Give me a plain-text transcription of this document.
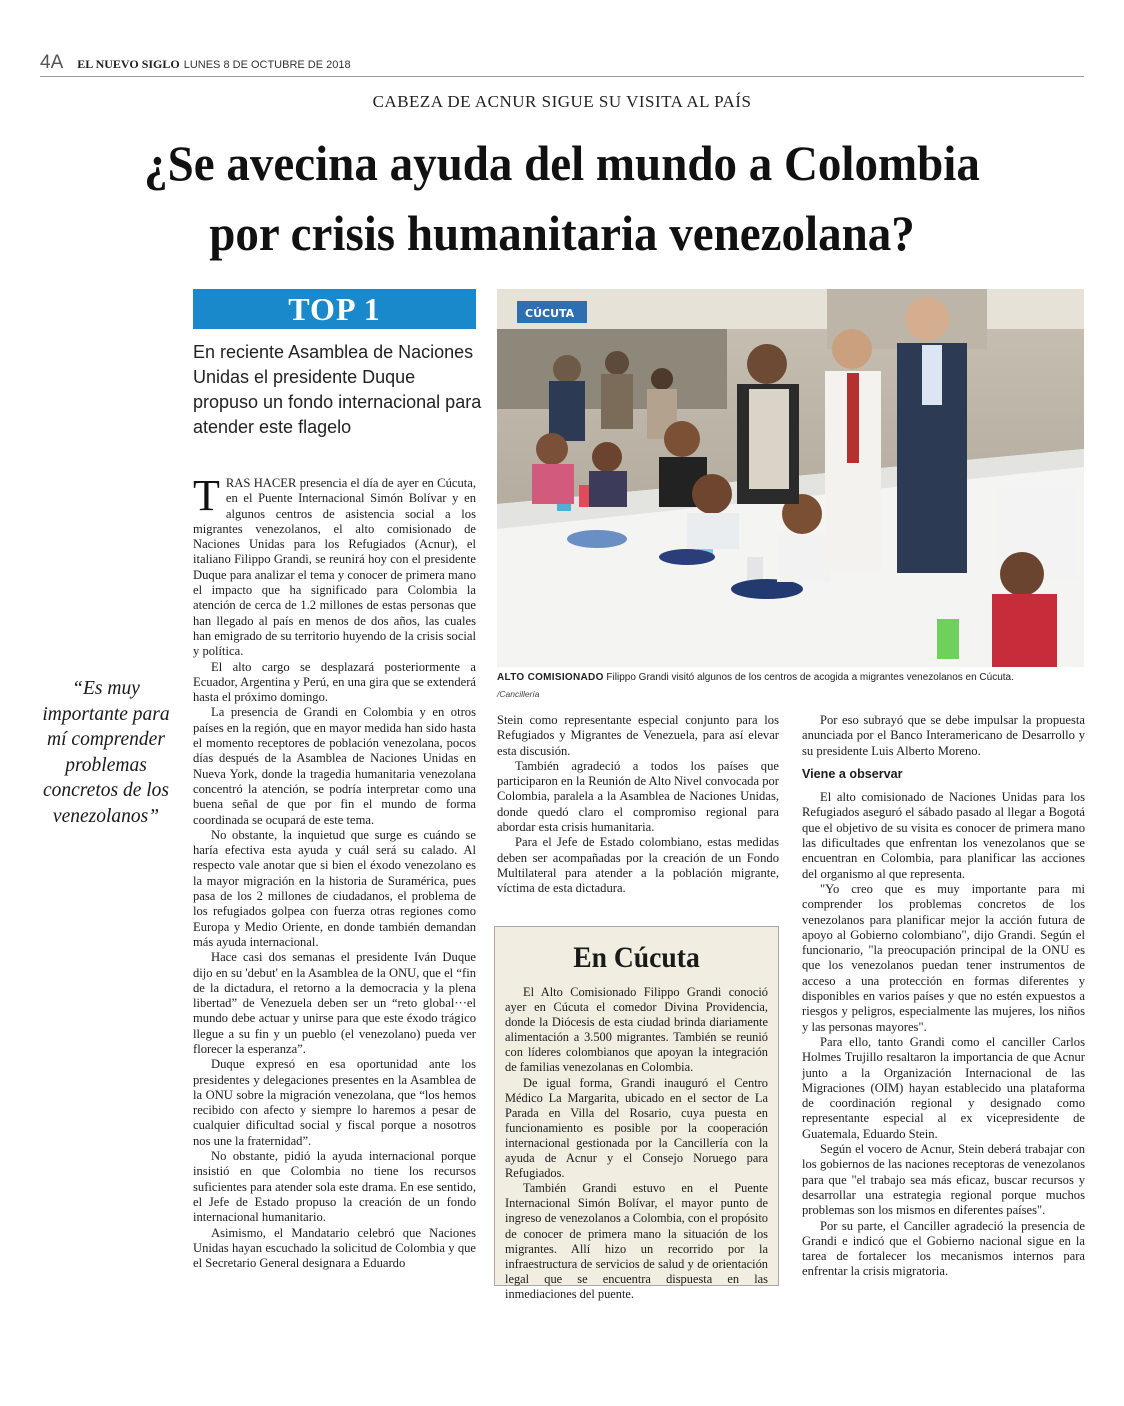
4A EL NUEVO SIGLO LUNES 8 DE OCTUBRE DE 2018
CABEZA DE ACNUR SIGUE SU VISITA AL PAÍS
¿Se avecina ayuda del mundo a Colombia
por crisis humanitaria venezolana?
TOP 1
En reciente Asamblea de Naciones Unidas el presidente Duque propuso un fondo internacional para atender este flagelo

TRAS HACER presencia el día de ayer en Cúcuta, en el Puente Internacional Simón Bolívar y en algunos centros de asistencia social a los migrantes venezolanos, el alto comisionado de Naciones Unidas para los Refugiados (Acnur), el italiano Filippo Grandi, se reunirá hoy con el presidente Duque para analizar el tema y conocer de primera mano el impacto que ha significado para Colombia la atención de cerca de 1.2 millones de estas personas que han llegado al país en menos de dos años, las cuales han emigrado de su territorio huyendo de la crisis social y política.

El alto cargo se desplazará posteriormente a Ecuador, Argentina y Perú, en una gira que se extenderá hasta el próximo domingo.

La presencia de Grandi en Colombia y en otros países en la región, que en mayor medida han sido hasta el momento receptores de población venezolana, pocos días después de la Asamblea de Naciones Unidas en Nueva York, donde la tragedia humanitaria venezolana concentró la atención, se podría interpretar como una buena señal de que por fin el mundo de forma coordinada se ocupará de este tema.

No obstante, la inquietud que surge es cuándo se haría efectiva esta ayuda y cuál será su calado. Al respecto vale anotar que si bien el éxodo venezolano es la mayor migración en la historia de Suramérica, pues pasa de los 2 millones de ciudadanos, el problema de los refugiados golpea con fuerza otras regiones como Europa y Medio Oriente, en donde también demandan más ayuda internacional.

Hace casi dos semanas el presidente Iván Duque dijo en su 'debut' en la Asamblea de la ONU, que el “fin de la dictadura, el retorno a la democracia y la plena libertad” de Venezuela deben ser un “reto global···el mundo debe actuar y unirse para que este éxodo trágico llegue a su fin y un pueblo (el venezolano) pueda ver florecer la esperanza”.

Duque expresó en esa oportunidad ante los presidentes y delegaciones presentes en la Asamblea de la ONU sobre la migración venezolana, que “los hemos recibido con afecto y siempre lo haremos a pesar de cualquier dificultad social y fiscal porque a nosotros nos une la fraternidad”.

No obstante, pidió la ayuda internacional porque insistió en que Colombia no tiene los recursos suficientes para atender sola este drama. En ese sentido, el Jefe de Estado propuso la creación de un fondo internacional humanitario.

Asimismo, el Mandatario celebró que Naciones Unidas hayan escuchado la solicitud de Colombia y que el Secretario General designara a Eduardo

CÚCUTA
ALTO COMISIONADO Filippo Grandi visitó algunos de los centros de acogida a migrantes venezolanos en Cúcuta.
/Cancillería
“Es muy importante para mí comprender problemas concretos de los venezolanos”

Stein como representante especial conjunto para los Refugiados y Migrantes de Venezuela, para así elevar esta discusión.

También agradeció a todos los países que participaron en la Reunión de Alto Nivel convocada por Colombia, paralela a la Asamblea de Naciones Unidas, donde quedó claro el compromiso regional para abordar esta crisis humanitaria.

Para el Jefe de Estado colombiano, estas medidas deben ser acompañadas por la creación de un Fondo Multilateral para atender a la población migrante, víctima de esta dictadura.

En Cúcuta

El Alto Comisionado Filippo Grandi conoció ayer en Cúcuta el comedor Divina Providencia, donde la Diócesis de esta ciudad brinda diariamente alimentación a 3.500 migrantes. También se reunió con líderes colombianos que apoyan la integración de familias venezolanas en Colombia.

De igual forma, Grandi inauguró el Centro Médico La Margarita, ubicado en el sector de La Parada en Villa del Rosario, cuya puesta en funcionamiento es posible por la cooperación internacional gestionada por la Cancillería con la ayuda de Acnur y el Consejo Noruego para Refugiados.

También Grandi estuvo en el Puente Internacional Simón Bolívar, el mayor punto de ingreso de venezolanos a Colombia, con el propósito de conocer de primera mano la situación de los migrantes. Allí hizo un recorrido por la infraestructura de servicios de salud y de orientación legal que se encuentra dispuesta en las inmediaciones del puente.

Por eso subrayó que se debe impulsar la propuesta anunciada por el Banco Interamericano de Desarrollo y su presidente Luis Alberto Moreno.

Viene a observar

El alto comisionado de Naciones Unidas para los Refugiados aseguró el sábado pasado al llegar a Bogotá que el objetivo de su visita es conocer de primera mano las dificultades que enfrentan los venezolanos que se encuentran en Colombia, para planificar las acciones del organismo al que representa.

"Yo creo que es muy importante para mi comprender los problemas concretos de los venezolanos para planificar mejor la acción futura de apoyo al Gobierno colombiano", dijo Grandi. Según el funcionario, "la preocupación principal de la ONU es que los venezolanos puedan tener instrumentos de acceso a una protección en formas diferentes y disponibles en varios países y que no estén expuestos a riesgos y peligros, especialmente las mujeres, los niños y las personas mayores".

Para ello, tanto Grandi como el canciller Carlos Holmes Trujillo resaltaron la importancia de que Acnur junto a la Organización Internacional de las Migraciones (OIM) hayan establecido una plataforma de coordinación regional y designado como representante especial al ex vicepresidente de Guatemala, Eduardo Stein.

Según el vocero de Acnur, Stein deberá trabajar con los gobiernos de las naciones receptoras de venezolanos para que "el trabajo sea más eficaz, buscar recursos y desarrollar una estrategia regional porque muchos problemas son los mismos en diferentes países".

Por su parte, el Canciller agradeció la presencia de Grandi e indicó que el Gobierno nacional sigue en la tarea de fortalecer los mecanismos internos para enfrentar la crisis migratoria.
